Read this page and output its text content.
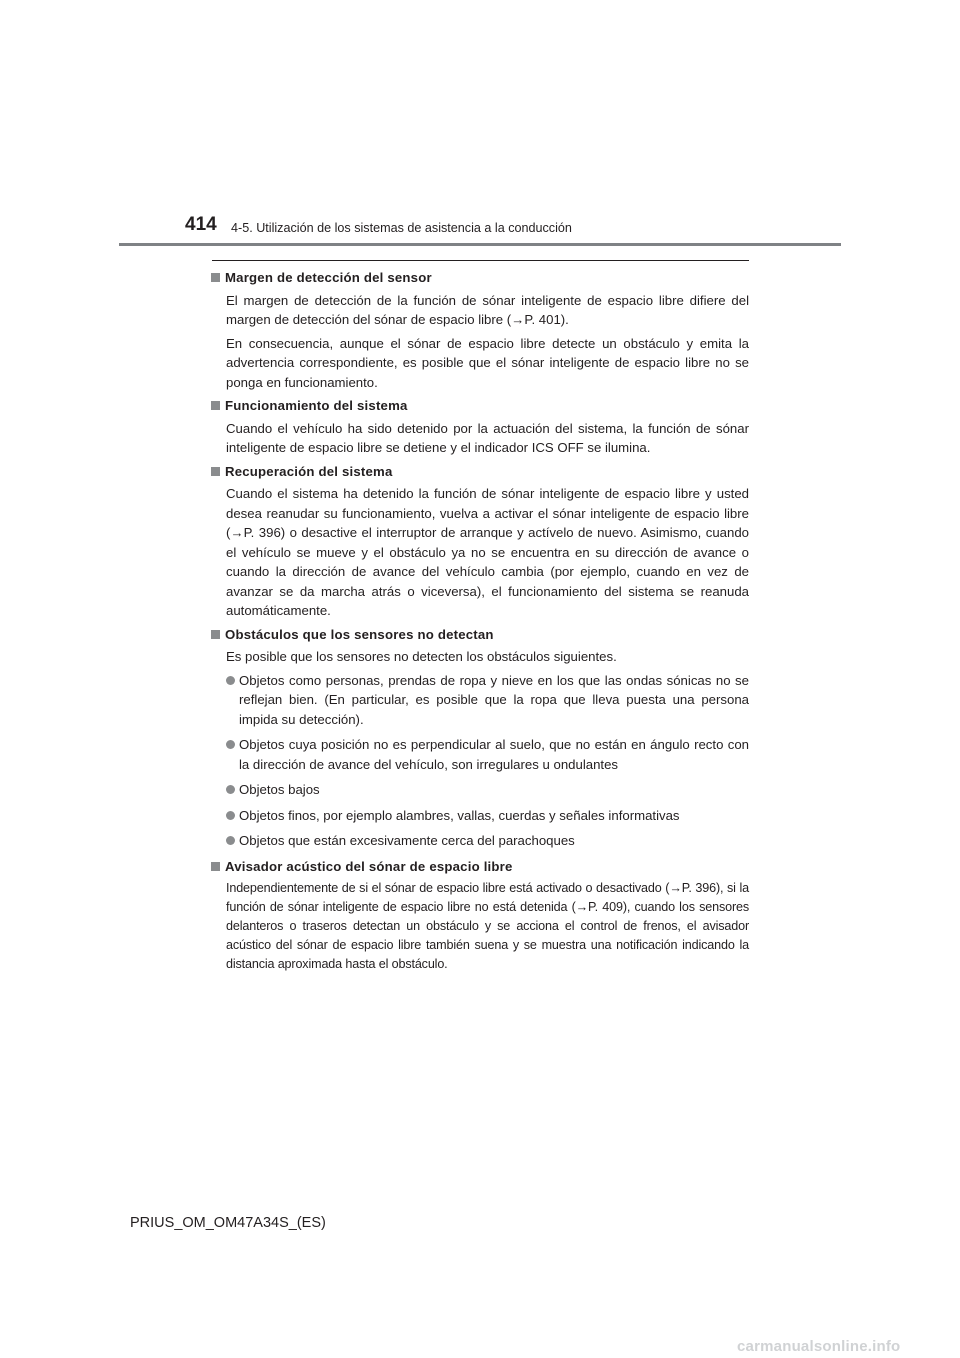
414 4-5. Utilización de los sistemas de asistencia a la conducción
Margen de detección del sensor

El margen de detección de la función de sónar inteligente de espacio libre difiere del margen de detección del sónar de espacio libre (→P. 401).

En consecuencia, aunque el sónar de espacio libre detecte un obstáculo y emita la advertencia correspondiente, es posible que el sónar inteligente de espacio libre no se ponga en funcionamiento.

Funcionamiento del sistema

Cuando el vehículo ha sido detenido por la actuación del sistema, la función de sónar inteligente de espacio libre se detiene y el indicador ICS OFF se ilumina.

Recuperación del sistema

Cuando el sistema ha detenido la función de sónar inteligente de espacio libre y usted desea reanudar su funcionamiento, vuelva a activar el sónar inteligente de espacio libre (→P. 396) o desactive el interruptor de arranque y actívelo de nuevo. Asimismo, cuando el vehículo se mueve y el obstáculo ya no se encuentra en su dirección de avance o cuando la dirección de avance del vehículo cambia (por ejemplo, cuando en vez de avanzar se da marcha atrás o viceversa), el funcionamiento del sistema se reanuda automáticamente.

Obstáculos que los sensores no detectan

Es posible que los sensores no detecten los obstáculos siguientes.

Objetos como personas, prendas de ropa y nieve en los que las ondas sónicas no se reflejan bien. (En particular, es posible que la ropa que lleva puesta una persona impida su detección).
Objetos cuya posición no es perpendicular al suelo, que no están en ángulo recto con la dirección de avance del vehículo, son irregulares u ondulantes
Objetos bajos
Objetos finos, por ejemplo alambres, vallas, cuerdas y señales informativas
Objetos que están excesivamente cerca del parachoques
Avisador acústico del sónar de espacio libre

Independientemente de si el sónar de espacio libre está activado o desactivado (→P. 396), si la función de sónar inteligente de espacio libre no está detenida (→P. 409), cuando los sensores delanteros o traseros detectan un obstáculo y se acciona el control de frenos, el avisador acústico del sónar de espacio libre también suena y se muestra una notificación indicando la distancia aproximada hasta el obstáculo.

PRIUS_OM_OM47A34S_(ES)
carmanualsonline.info
